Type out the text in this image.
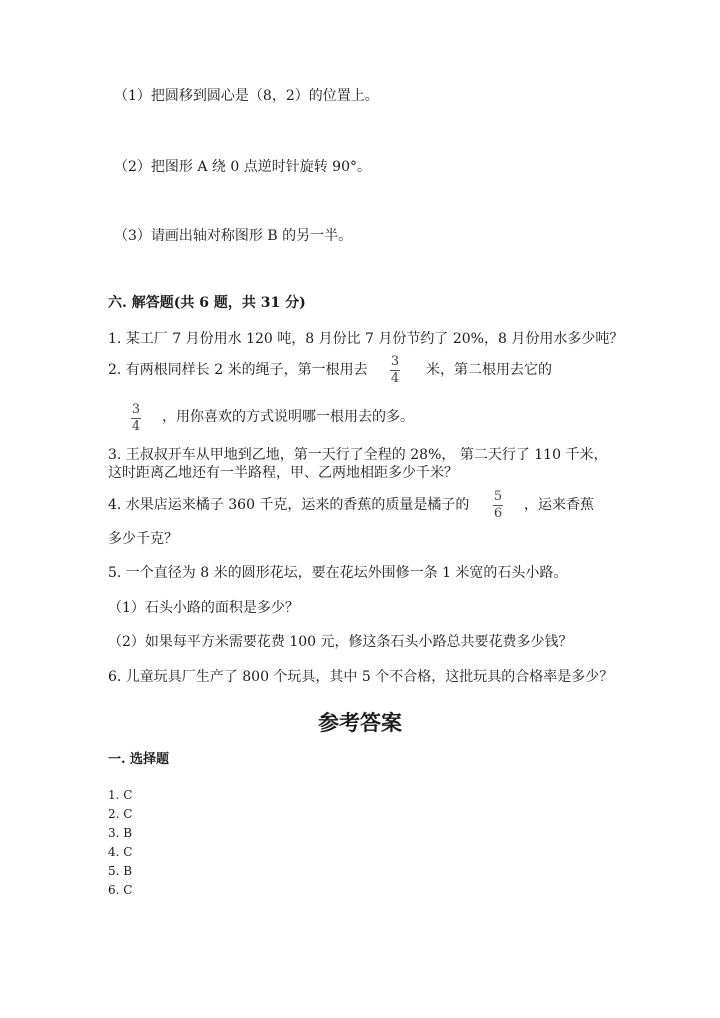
（1）把圆移到圆心是（8，2）的位置上。
（2）把图形 A 绕 0 点逆时针旋转 90°。
（3）请画出轴对称图形 B 的另一半。
六. 解答题(共 6 题，共 31 分)
1. 某工厂 7 月份用水 120 吨，8 月份比 7 月份节约了 20%，8 月份用水多少吨？
2. 有两根同样长 2 米的绳子，第一根用去
3
4
米，第二根用去它的
3
4
，用你喜欢的方式说明哪一根用去的多。
3. 王叔叔开车从甲地到乙地，第一天行了全程的 28%， 第二天行了 110 千米，
这时距离乙地还有一半路程，甲、乙两地相距多少千米？
4. 水果店运来橘子 360 千克，运来的香蕉的质量是橘子的
5
6
，运来香蕉
多少千克？
5. 一个直径为 8 米的圆形花坛，要在花坛外围修一条 1 米宽的石头小路。
（1）石头小路的面积是多少？
（2）如果每平方米需要花费 100 元，修这条石头小路总共要花费多少钱？
6. 儿童玩具厂生产了 800 个玩具，其中 5 个不合格，这批玩具的合格率是多少？
参考答案
一. 选择题
1. C
2. C
3. B
4. C
5. B
6. C
